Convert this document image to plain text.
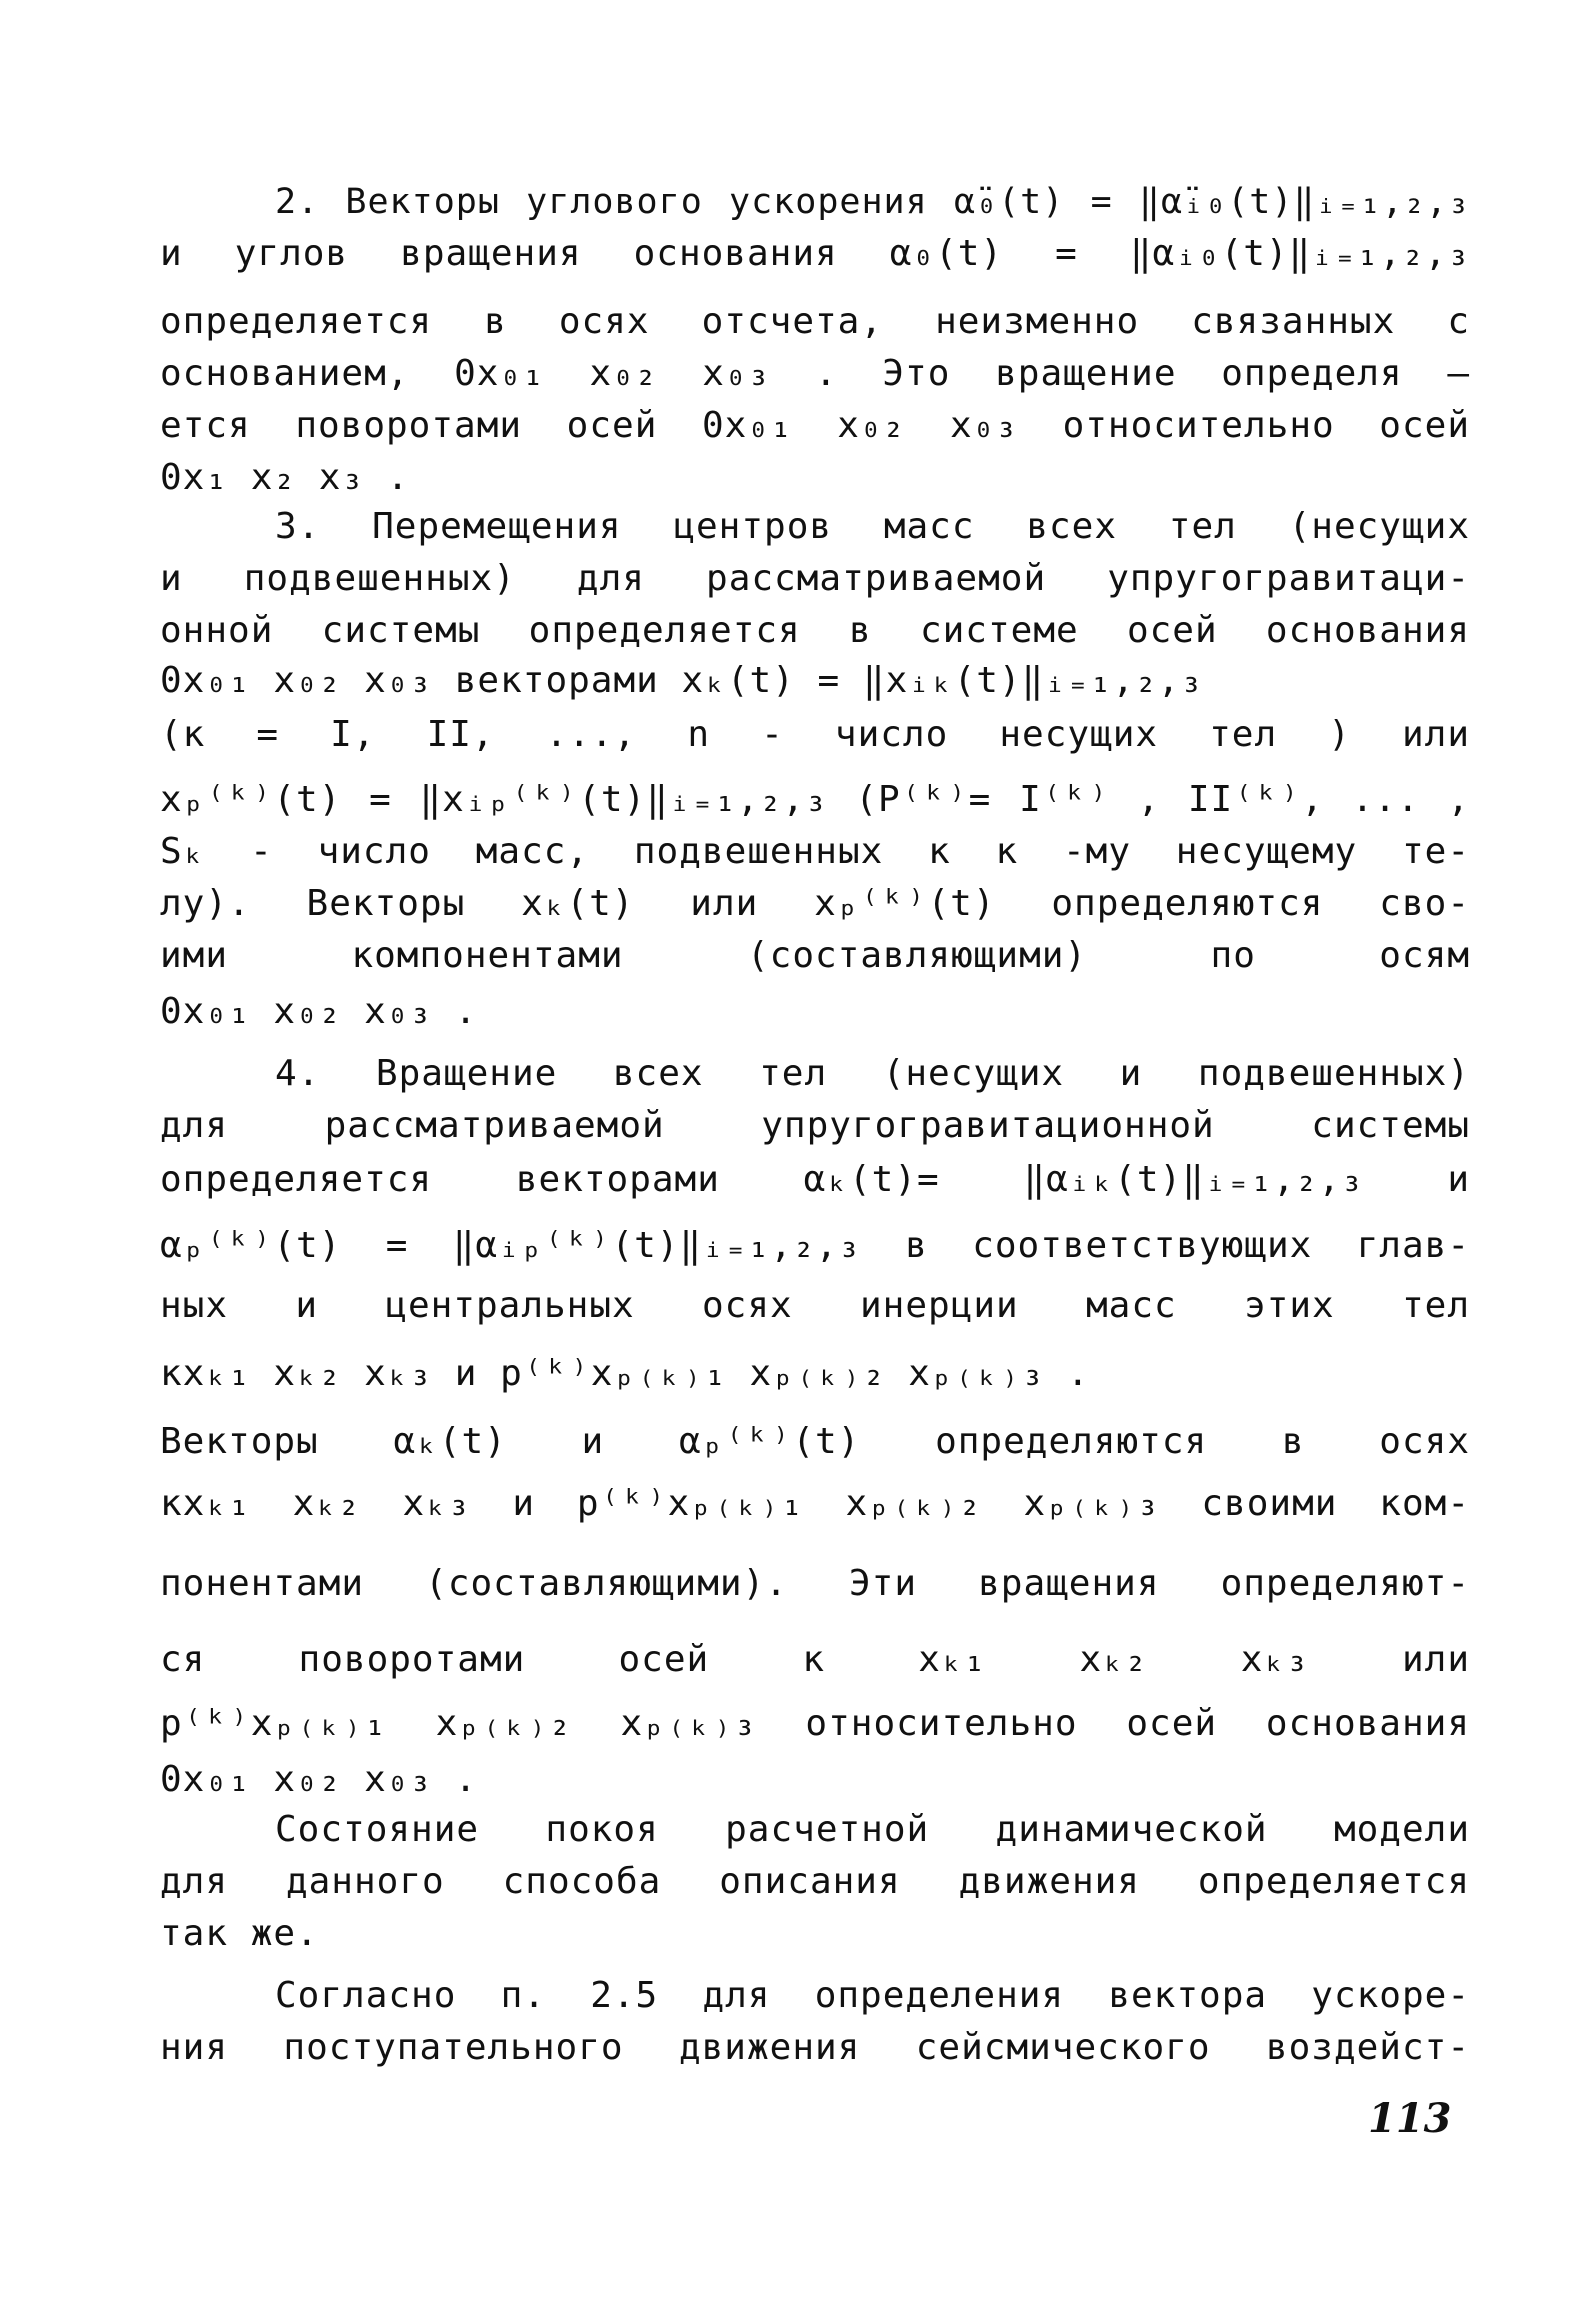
2. Векторы углового ускорения α̈₀(t) = ‖α̈ᵢ₀(t)‖ᵢ₌₁,₂,₃
и углов вращения основания α₀(t) = ‖αᵢ₀(t)‖ᵢ₌₁,₂,₃
определяется в осях отсчета, неизменно связанных с
основанием, 0x₀₁ x₀₂ x₀₃ . Это вращение определя –
ется поворотами осей 0x₀₁ x₀₂ x₀₃ относительно осей
0x₁ x₂ x₃ .
3. Перемещения центров масс всех тел (несущих
и подвешенных) для рассматриваемой упругогравитаци-
онной системы определяется в системе осей основания
0x₀₁ x₀₂ x₀₃ векторами xₖ(t) = ‖xᵢₖ(t)‖ᵢ₌₁,₂,₃
(к = I, II, ..., n - число несущих тел ) или
xₚ⁽ᵏ⁾(t) = ‖xᵢₚ⁽ᵏ⁾(t)‖ᵢ₌₁,₂,₃ (P⁽ᵏ⁾= I⁽ᵏ⁾ , II⁽ᵏ⁾, ... ,
Sₖ - число масс, подвешенных к к -му несущему те-
лу). Векторы xₖ(t) или xₚ⁽ᵏ⁾(t) определяются сво-
ими компонентами (составляющими) по осям
0x₀₁ x₀₂ x₀₃ .
4. Вращение всех тел (несущих и подвешенных)
для рассматриваемой упругогравитационной системы
определяется векторами αₖ(t)= ‖αᵢₖ(t)‖ᵢ₌₁,₂,₃ и
αₚ⁽ᵏ⁾(t) = ‖αᵢₚ⁽ᵏ⁾(t)‖ᵢ₌₁,₂,₃ в соответствующих глав-
ных и центральных осях инерции масс этих тел
кxₖ₁ xₖ₂ xₖ₃ и p⁽ᵏ⁾xₚ₍ₖ₎₁ xₚ₍ₖ₎₂ xₚ₍ₖ₎₃ .
Векторы αₖ(t) и αₚ⁽ᵏ⁾(t) определяются в осях
кxₖ₁ xₖ₂ xₖ₃ и p⁽ᵏ⁾xₚ₍ₖ₎₁ xₚ₍ₖ₎₂ xₚ₍ₖ₎₃ своими ком-
понентами (составляющими). Эти вращения определяют-
ся поворотами осей к xₖ₁ xₖ₂ xₖ₃ или
p⁽ᵏ⁾xₚ₍ₖ₎₁ xₚ₍ₖ₎₂ xₚ₍ₖ₎₃ относительно осей основания
0x₀₁ x₀₂ x₀₃ .
Состояние покоя расчетной динамической модели
для данного способа описания движения определяется
так же.
Согласно п. 2.5 для определения вектора ускоре-
ния поступательного движения сейсмического воздейст-
113
